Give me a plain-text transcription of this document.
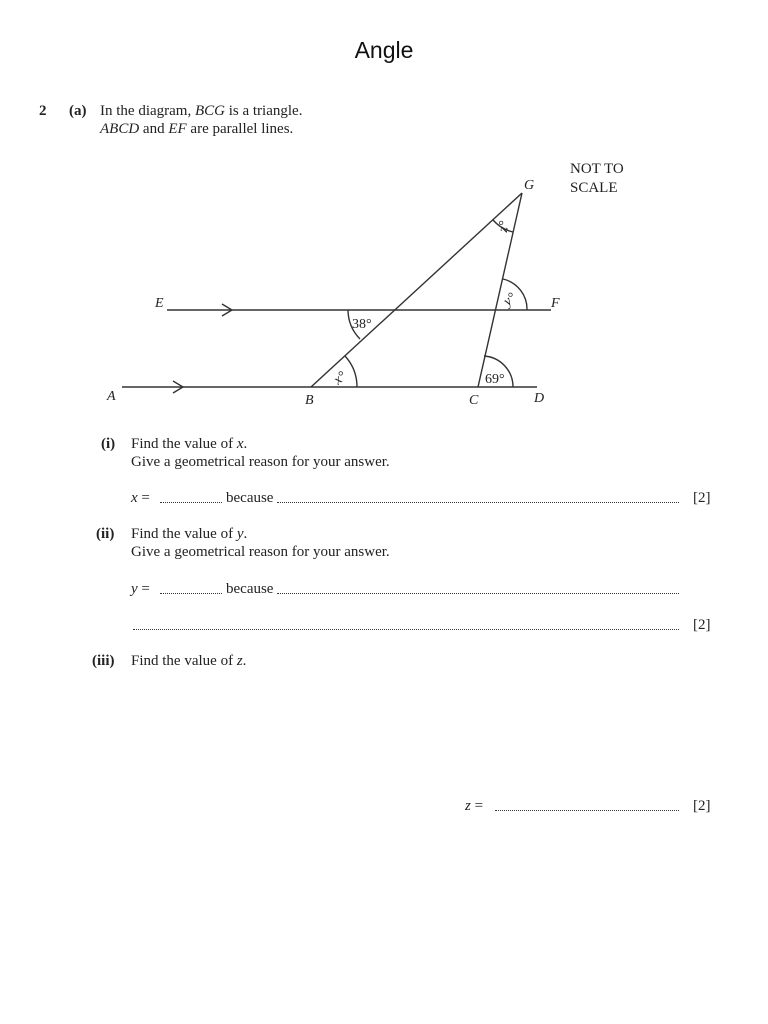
Angle
2 (a) In the diagram, BCG is a triangle.
ABCD and EF are parallel lines.
NOT TO
SCALE
A	B	C	D
E	F
G
38°
69°
x°
y°
z°
(i) Find the value of x.
Give a geometrical reason for your answer.
x =	because	[2]
(ii) Find the value of y.
Give a geometrical reason for your answer.
y =	because
[2]
(iii) Find the value of z.
z =	[2]
